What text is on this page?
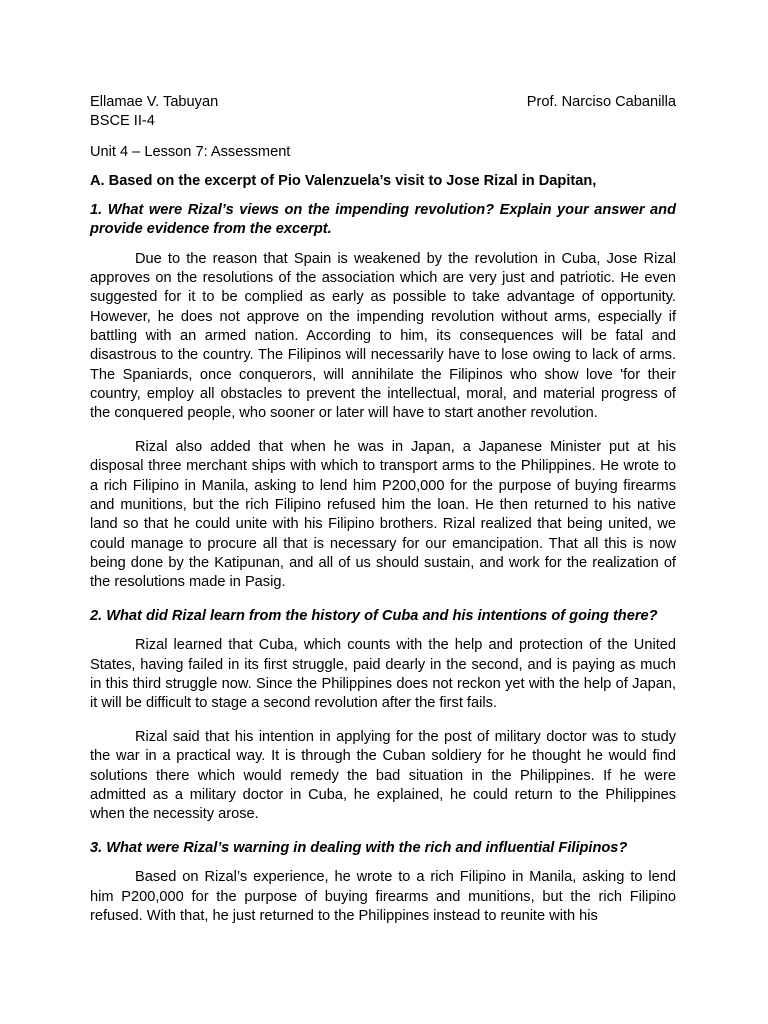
Ellamae V. Tabuyan	Prof. Narciso Cabanilla
BSCE II-4
Unit 4 – Lesson 7: Assessment
A. Based on the excerpt of Pio Valenzuela’s visit to Jose Rizal in Dapitan,
1. What were Rizal’s views on the impending revolution? Explain your answer and provide evidence from the excerpt.

Due to the reason that Spain is weakened by the revolution in Cuba, Jose Rizal approves on the resolutions of the association which are very just and patriotic. He even suggested for it to be complied as early as possible to take advantage of opportunity. However, he does not approve on the impending revolution without arms, especially if battling with an armed nation. According to him, its consequences will be fatal and disastrous to the country. The Filipinos will necessarily have to lose owing to lack of arms. The Spaniards, once conquerors, will annihilate the Filipinos who show love 'for their country, employ all obstacles to prevent the intellectual, moral, and material progress of the conquered people, who sooner or later will have to start another revolution.

Rizal also added that when he was in Japan, a Japanese Minister put at his disposal three merchant ships with which to transport arms to the Philippines. He wrote to a rich Filipino in Manila, asking to lend him P200,000 for the purpose of buying firearms and munitions, but the rich Filipino refused him the loan. He then returned to his native land so that he could unite with his Filipino brothers. Rizal realized that being united, we could manage to procure all that is necessary for our emancipation. That all this is now being done by the Katipunan, and all of us should sustain, and work for the realization of the resolutions made in Pasig.

2. What did Rizal learn from the history of Cuba and his intentions of going there?

Rizal learned that Cuba, which counts with the help and protection of the United States, having failed in its first struggle, paid dearly in the second, and is paying as much in this third struggle now. Since the Philippines does not reckon yet with the help of Japan, it will be difficult to stage a second revolution after the first fails.

Rizal said that his intention in applying for the post of military doctor was to study the war in a practical way. It is through the Cuban soldiery for he thought he would find solutions there which would remedy the bad situation in the Philippines. If he were admitted as a military doctor in Cuba, he explained, he could return to the Philippines when the necessity arose.

3. What were Rizal’s warning in dealing with the rich and influential Filipinos?

Based on Rizal’s experience, he wrote to a rich Filipino in Manila, asking to lend him P200,000 for the purpose of buying firearms and munitions, but the rich Filipino refused. With that, he just returned to the Philippines instead to reunite with his
